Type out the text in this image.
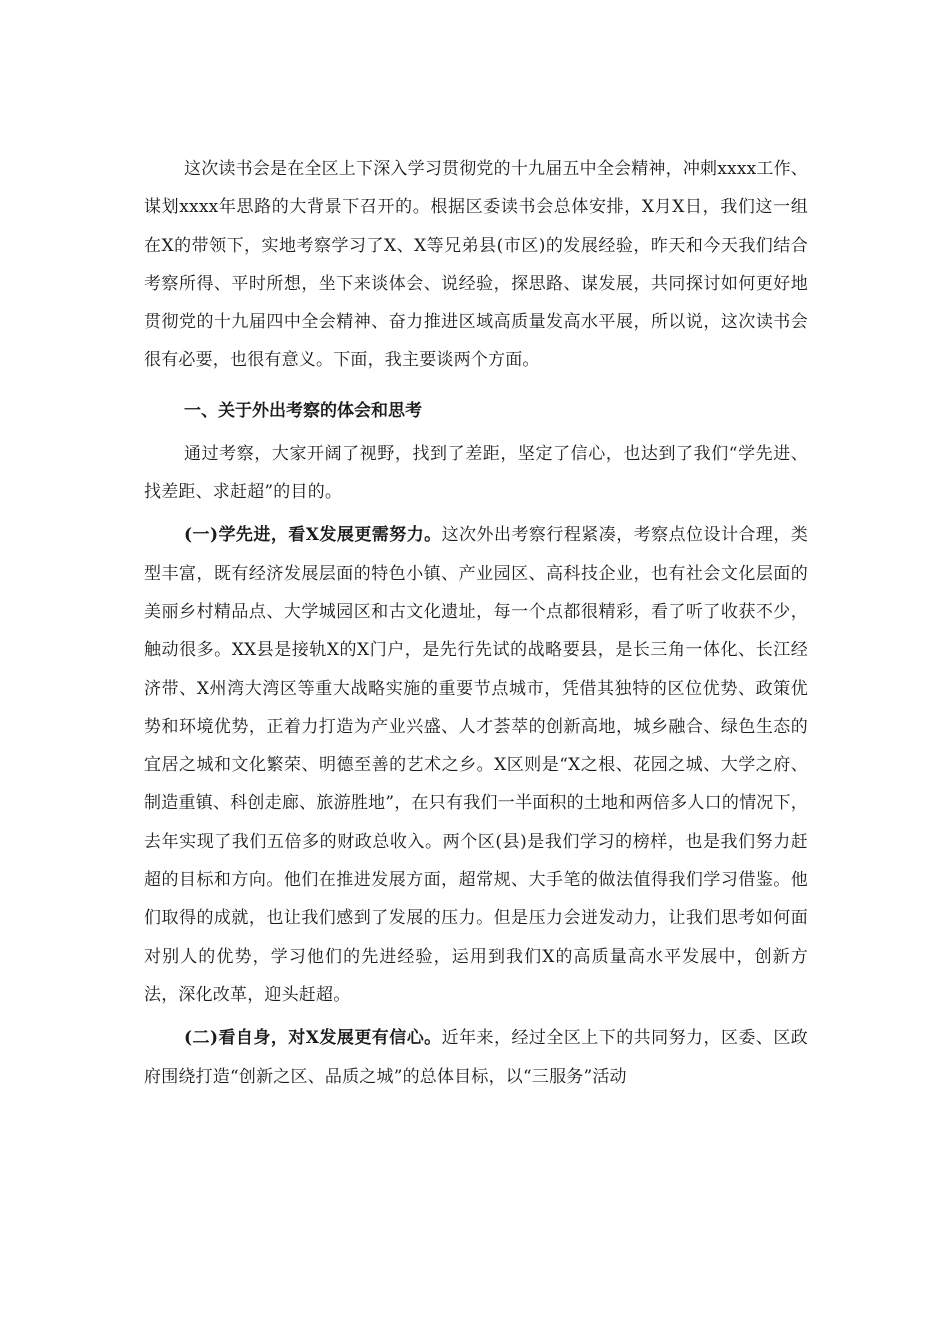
这次读书会是在全区上下深入学习贯彻党的十九届五中全会精神，冲刺xxxx工作、谋划xxxx年思路的大背景下召开的。根据区委读书会总体安排，X月X日，我们这一组在X的带领下，实地考察学习了X、X等兄弟县(市区)的发展经验，昨天和今天我们结合考察所得、平时所想，坐下来谈体会、说经验，探思路、谋发展，共同探讨如何更好地贯彻党的十九届四中全会精神、奋力推进区域高质量发高水平展，所以说，这次读书会很有必要，也很有意义。下面，我主要谈两个方面。

一、关于外出考察的体会和思考

通过考察，大家开阔了视野，找到了差距，坚定了信心，也达到了我们“学先进、找差距、求赶超”的目的。

(一)学先进，看X发展更需努力。这次外出考察行程紧凑，考察点位设计合理，类型丰富，既有经济发展层面的特色小镇、产业园区、高科技企业，也有社会文化层面的美丽乡村精品点、大学城园区和古文化遗址，每一个点都很精彩，看了听了收获不少，触动很多。XX县是接轨X的X门户，是先行先试的战略要县，是长三角一体化、长江经济带、X州湾大湾区等重大战略实施的重要节点城市，凭借其独特的区位优势、政策优势和环境优势，正着力打造为产业兴盛、人才荟萃的创新高地，城乡融合、绿色生态的宜居之城和文化繁荣、明德至善的艺术之乡。X区则是“X之根、花园之城、大学之府、制造重镇、科创走廊、旅游胜地”，在只有我们一半面积的土地和两倍多人口的情况下，去年实现了我们五倍多的财政总收入。两个区(县)是我们学习的榜样，也是我们努力赶超的目标和方向。他们在推进发展方面，超常规、大手笔的做法值得我们学习借鉴。他们取得的成就，也让我们感到了发展的压力。但是压力会迸发动力，让我们思考如何面对别人的优势，学习他们的先进经验，运用到我们X的高质量高水平发展中，创新方法，深化改革，迎头赶超。

(二)看自身，对X发展更有信心。近年来，经过全区上下的共同努力，区委、区政府围绕打造“创新之区、品质之城”的总体目标，以“三服务”活动
